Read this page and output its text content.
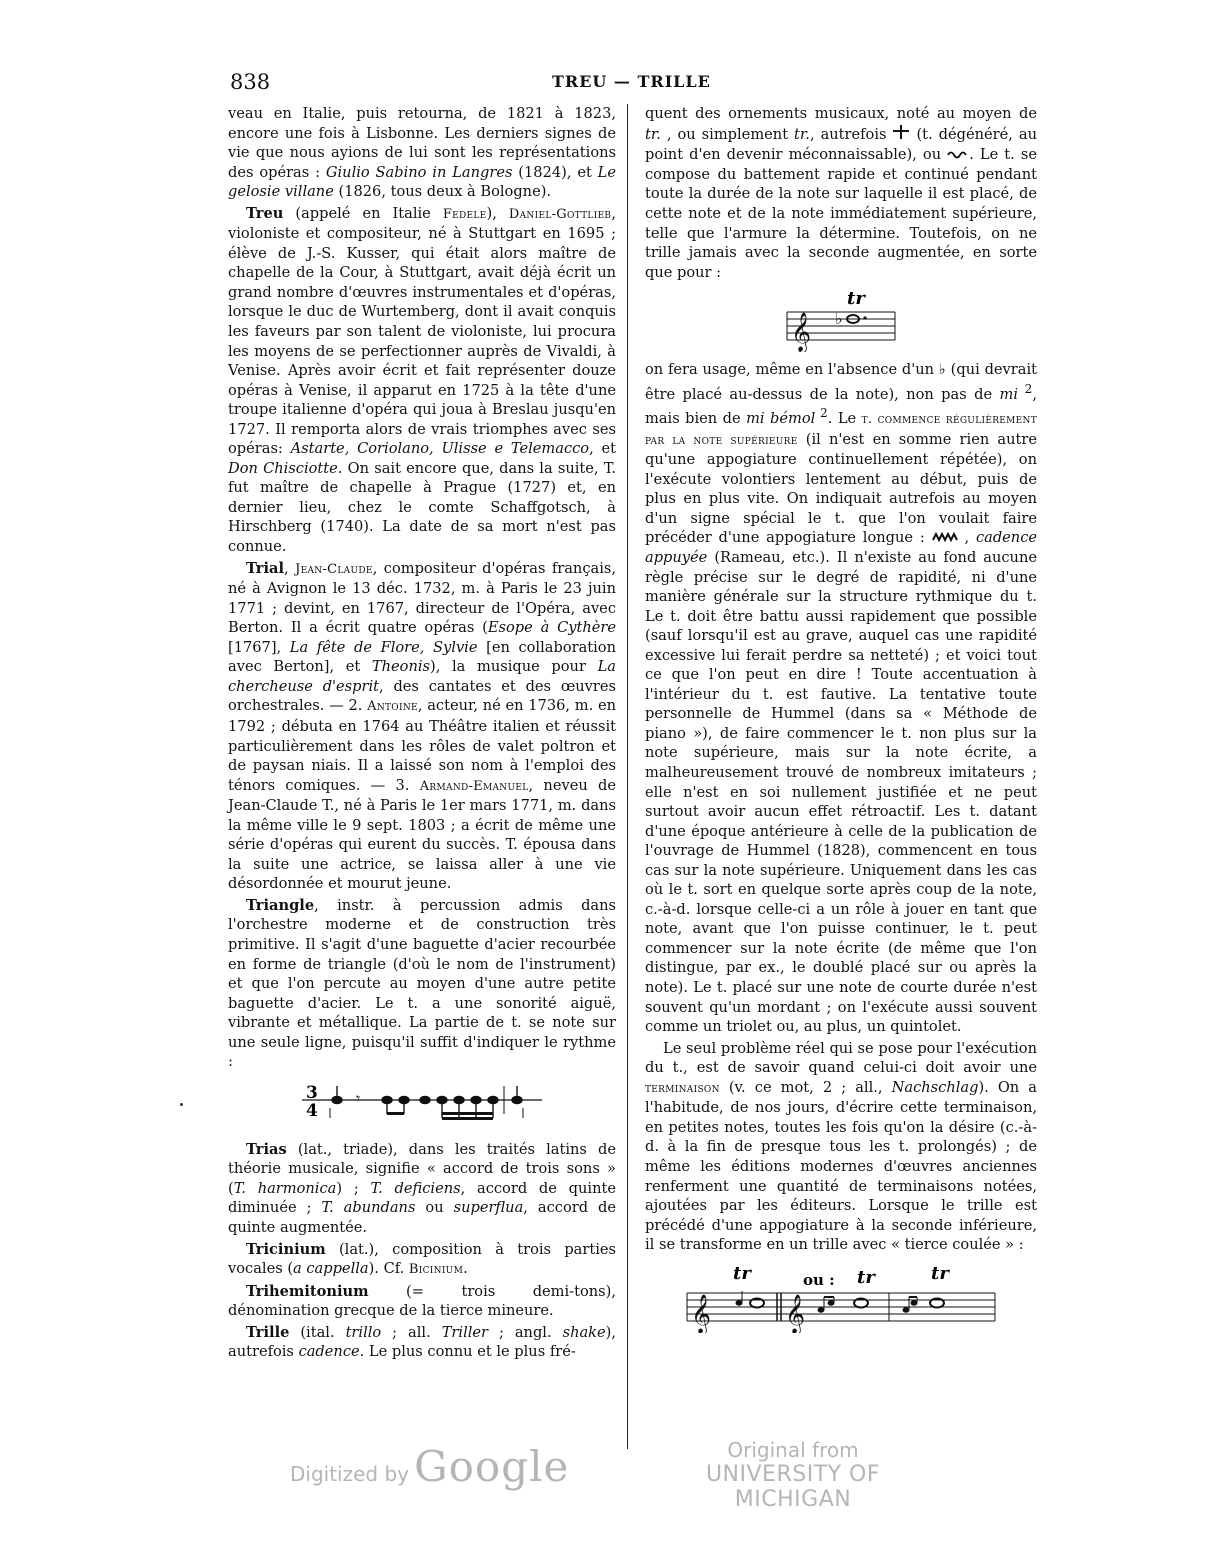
838	TREU — TRILLE

veau en Italie, puis retourna, de 1821 à 1823, encore une fois à Lisbonne. Les derniers signes de vie que nous ayions de lui sont les représentations des opéras : Giulio Sabino in Langres (1824), et Le gelosie villane (1826, tous deux à Bologne).

Treu (appelé en Italie Fedele), Daniel-Gottlieb, violoniste et compositeur, né à Stuttgart en 1695 ; élève de J.-S. Kusser, qui était alors maître de chapelle de la Cour, à Stuttgart, avait déjà écrit un grand nombre d'œuvres instrumentales et d'opéras, lorsque le duc de Wurtemberg, dont il avait conquis les faveurs par son talent de violoniste, lui procura les moyens de se perfectionner auprès de Vivaldi, à Venise. Après avoir écrit et fait représenter douze opéras à Venise, il apparut en 1725 à la tête d'une troupe italienne d'opéra qui joua à Breslau jusqu'en 1727. Il remporta alors de vrais triomphes avec ses opéras: Astarte, Coriolano, Ulisse e Telemacco, et Don Chisciotte. On sait encore que, dans la suite, T. fut maître de chapelle à Prague (1727) et, en dernier lieu, chez le comte Schaffgotsch, à Hirschberg (1740). La date de sa mort n'est pas connue.

Trial, Jean-Claude, compositeur d'opéras français, né à Avignon le 13 déc. 1732, m. à Paris le 23 juin 1771 ; devint, en 1767, directeur de l'Opéra, avec Berton. Il a écrit quatre opéras (Esope à Cythère [1767], La fête de Flore, Sylvie [en collaboration avec Berton], et Theonis), la musique pour La chercheuse d'esprit, des cantates et des œuvres orchestrales. — 2. Antoine, acteur, né en 1736, m. en 1792 ; débuta en 1764 au Théâtre italien et réussit particulièrement dans les rôles de valet poltron et de paysan niais. Il a laissé son nom à l'emploi des ténors comiques. — 3. Armand-Emanuel, neveu de Jean-Claude T., né à Paris le 1er mars 1771, m. dans la même ville le 9 sept. 1803 ; a écrit de même une série d'opéras qui eurent du succès. T. épousa dans la suite une actrice, se laissa aller à une vie désordonnée et mourut jeune.

Triangle, instr. à percussion admis dans l'orchestre moderne et de construction très primitive. Il s'agit d'une baguette d'acier recourbée en forme de triangle (d'où le nom de l'instrument) et que l'on percute au moyen d'une autre petite baguette d'acier. Le t. a une sonorité aiguë, vibrante et métallique. La partie de t. se note sur une seule ligne, puisqu'il suffit d'indiquer le rythme :

3
4
𝄾

Trias (lat., triade), dans les traités latins de théorie musicale, signifie « accord de trois sons » (T. harmonica) ; T. deficiens, accord de quinte diminuée ; T. abundans ou superflua, accord de quinte augmentée.

Tricinium (lat.), composition à trois parties vocales (a cappella). Cf. Bicinium.

Trihemitonium (= trois demi-tons), dénomination grecque de la tierce mineure.

Trille (ital. trillo ; all. Triller ; angl. shake), autrefois cadence. Le plus connu et le plus fré-

quent des ornements musicaux, noté au moyen de tr. , ou simplement tr., autrefois  (t. dégénéré, au point d'en devenir méconnaissable), ou . Le t. se compose du battement rapide et continué pendant toute la durée de la note sur laquelle il est placé, de cette note et de la note immédiatement supérieure, telle que l'armure la détermine. Toutefois, on ne trille jamais avec la seconde augmentée, en sorte que pour :

tr
𝄞 ♭

on fera usage, même en l'absence d'un ♭ (qui devrait être placé au-dessus de la note), non pas de mi $^2$, mais bien de mi bémol $^2$. Le t. commence régulièrement par la note supérieure (il n'est en somme rien autre qu'une appogiature continuellement répétée), on l'exécute volontiers lentement au début, puis de plus en plus vite. On indiquait autrefois au moyen d'un signe spécial le t. que l'on voulait faire précéder d'une appogiature longue :  , cadence appuyée (Rameau, etc.). Il n'existe au fond aucune règle précise sur le degré de rapidité, ni d'une manière générale sur la structure rythmique du t. Le t. doit être battu aussi rapidement que possible (sauf lorsqu'il est au grave, auquel cas une rapidité excessive lui ferait perdre sa netteté) ; et voici tout ce que l'on peut en dire ! Toute accentuation à l'intérieur du t. est fautive. La tentative toute personnelle de Hummel (dans sa « Méthode de piano »), de faire commencer le t. non plus sur la note supérieure, mais sur la note écrite, a malheureusement trouvé de nombreux imitateurs ; elle n'est en soi nullement justifiée et ne peut surtout avoir aucun effet rétroactif. Les t. datant d'une époque antérieure à celle de la publication de l'ouvrage de Hummel (1828), commencent en tous cas sur la note supérieure. Uniquement dans les cas où le t. sort en quelque sorte après coup de la note, c.-à-d. lorsque celle-ci a un rôle à jouer en tant que note, avant que l'on puisse continuer, le t. peut commencer sur la note écrite (de même que l'on distingue, par ex., le doublé placé sur ou après la note). Le t. placé sur une note de courte durée n'est souvent qu'un mordant ; on l'exécute aussi souvent comme un triolet ou, au plus, un quintolet.

Le seul problème réel qui se pose pour l'exécution du t., est de savoir quand celui-ci doit avoir une terminaison (v. ce mot, 2 ; all., Nachschlag). On a l'habitude, de nos jours, d'écrire cette terminaison, en petites notes, toutes les fois qu'on la désire (c.-à-d. à la fin de presque tous les t. prolongés) ; de même les éditions modernes d'œuvres anciennes renferment une quantité de terminaisons notées, ajoutées par les éditeurs. Lorsque le trille est précédé d'une appogiature à la seconde inférieure, il se transforme en un trille avec « tierce coulée » :

tr	ou : tr	tr
𝄞 𝄞
Digitized by Google	Original from
UNIVERSITY OF MICHIGAN
